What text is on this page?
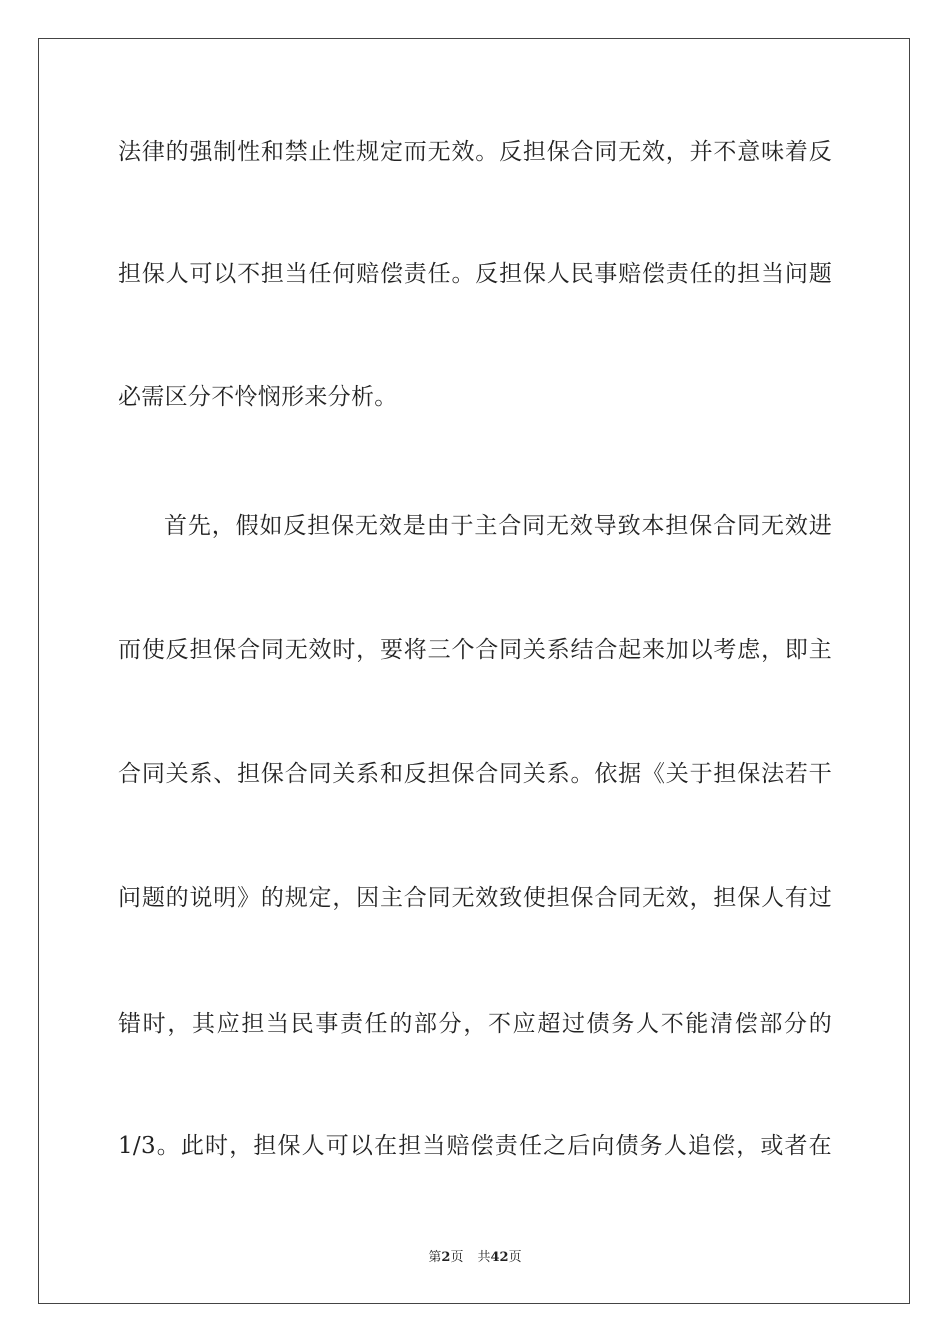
法律的强制性和禁止性规定而无效。反担保合同无效，并不意味着反
担保人可以不担当任何赔偿责任。反担保人民事赔偿责任的担当问题
必需区分不怜悯形来分析。
首先，假如反担保无效是由于主合同无效导致本担保合同无效进
而使反担保合同无效时，要将三个合同关系结合起来加以考虑，即主
合同关系、担保合同关系和反担保合同关系。依据《关于担保法若干
问题的说明》的规定，因主合同无效致使担保合同无效，担保人有过
错时，其应担当民事责任的部分，不应超过债务人不能清偿部分的
1/3。此时，担保人可以在担当赔偿责任之后向债务人追偿，或者在
第2页 共42页
